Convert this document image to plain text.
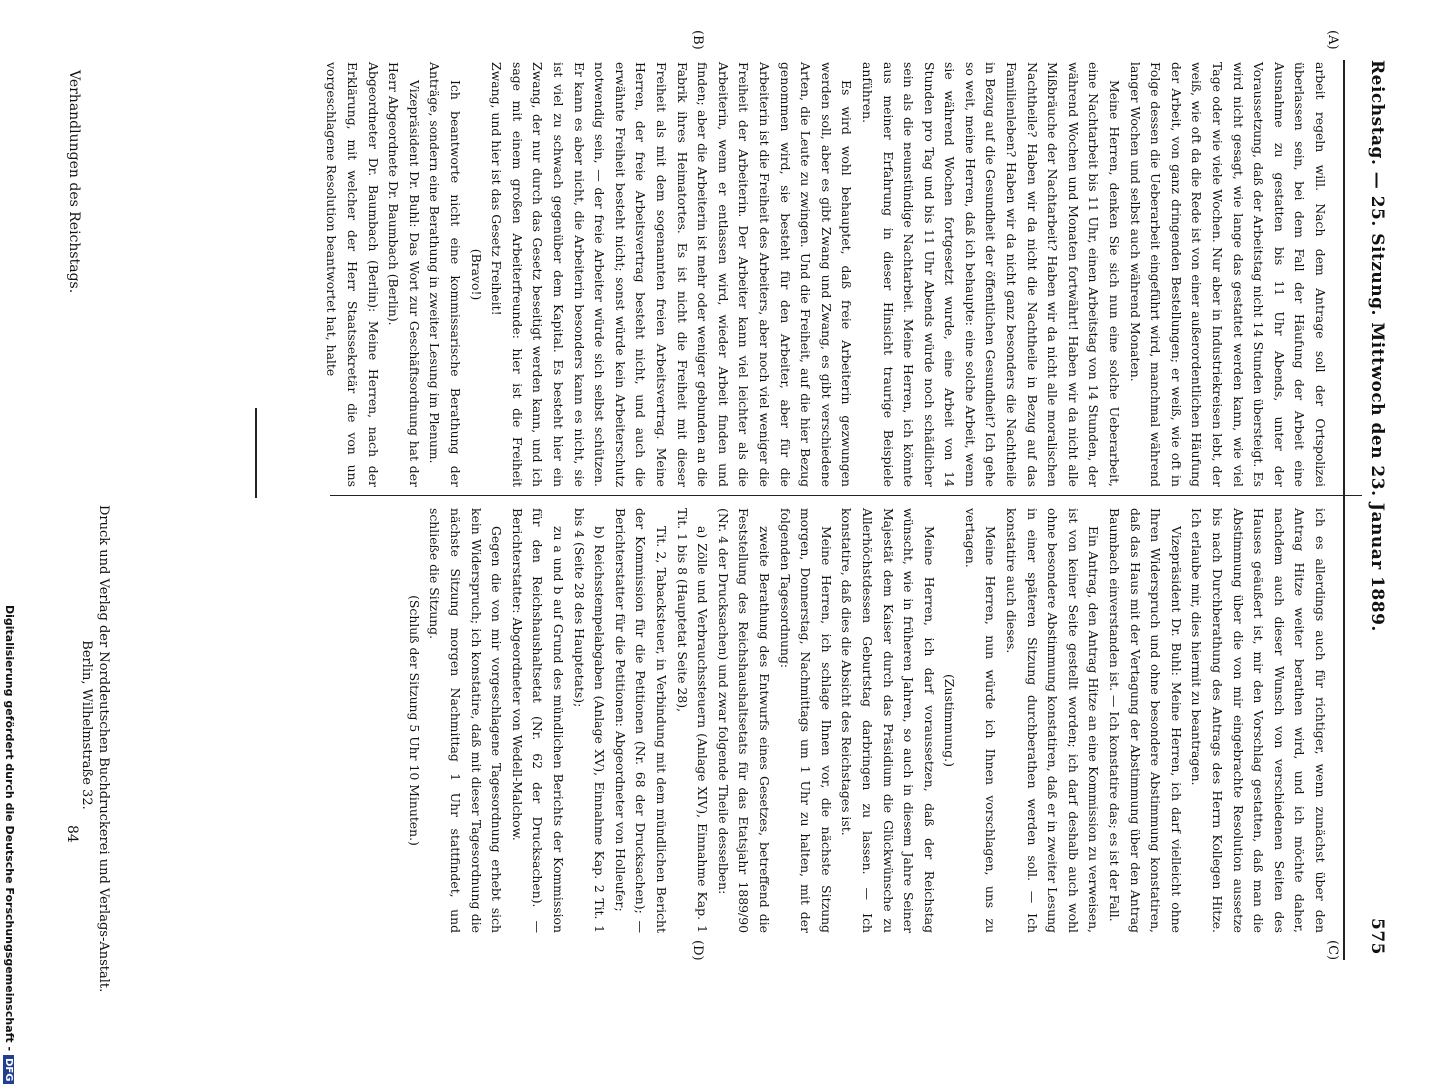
Reichstag. — 25. Sitzung. Mittwoch den 23. Januar 1889.
575
(A)
(B)
(C)
(D)

arbeit regeln will. Nach dem Antrage soll der Ortspolizei überlassen sein, bei dem Fall der Häufung der Arbeit eine Ausnahme zu gestatten bis 11 Uhr Abends, unter der Voraussetzung, daß der Arbeitstag nicht 14 Stunden übersteigt. Es wird nicht gesagt, wie lange das gestattet werden kann, wie viel Tage oder wie viele Wochen. Nur aber in Industriekreisen lebt, der weiß, wie oft da die Rede ist von einer außerordentlichen Häufung der Arbeit, von ganz dringenden Bestellungen; er weiß, wie oft in Folge dessen die Ueberarbeit eingeführt wird, manchmal während langer Wochen und selbst auch während Monaten.

Meine Herren, denken Sie sich nun eine solche Ueberarbeit, eine Nachtarbeit bis 11 Uhr, einen Arbeitstag von 14 Stunden, der während Wochen und Monaten fortwährt! Haben wir da nicht alle Mißbräuche der Nachtarbeit? Haben wir da nicht alle moralischen Nachtheile? Haben wir da nicht die Nachtheile in Bezug auf das Familienleben? Haben wir da nicht ganz besonders die Nachtheile in Bezug auf die Gesundheit der öffentlichen Gesundheit? Ich gehe so weit, meine Herren, daß ich behaupte: eine solche Arbeit, wenn sie während Wochen fortgesetzt wurde, eine Arbeit von 14 Stunden pro Tag und bis 11 Uhr Abends würde noch schädlicher sein als die neunstündige Nachtarbeit. Meine Herren, ich könnte aus meiner Erfahrung in dieser Hinsicht traurige Beispiele anführen.

Es wird wohl behauptet, daß freie Arbeiterin gezwungen werden soll, aber es gibt Zwang und Zwang, es gibt verschiedene Arten, die Leute zu zwingen. Und die Freiheit, auf die hier Bezug genommen wird, sie besteht für den Arbeiter, aber für die Arbeiterin ist die Freiheit des Arbeiters, aber noch viel weniger die Freiheit der Arbeiterin. Der Arbeiter kann viel leichter als die Arbeiterin, wenn er entlassen wird, wieder Arbeit finden und finden; aber die Arbeiterin ist mehr oder weniger gebunden an die Fabrik ihres Heimatortes. Es ist nicht die Freiheit mit dieser Freiheit als mit dem sogenannten freien Arbeitsvertrag. Meine Herren, der freie Arbeitsvertrag besteht nicht, und auch die erwähnte Freiheit besteht nicht; sonst würde kein Arbeiterschutz notwendig sein, — der freie Arbeiter würde sich selbst schützen. Er kann es aber nicht, die Arbeiterin besonders kann es nicht, sie ist viel zu schwach gegenüber dem Kapital. Es besteht hier ein Zwang, der nur durch das Gesetz beseitigt werden kann, und ich sage mit einem großen Arbeiterfreunde: hier ist die Freiheit Zwang, und hier ist das Gesetz Freiheit!

(Bravo!)

Ich beantworte nicht eine kommissarische Berathung der Anträge, sondern eine Berathung in zweiter Lesung im Plenum.

Vizepräsident Dr. Buhl: Das Wort zur Geschäftsordnung hat der Herr Abgeordnete Dr. Baumbach (Berlin).

Abgeordneter Dr. Baumbach (Berlin): Meine Herren, nach der Erklärung, mit welcher der Herr Staatssekretär die von uns vorgeschlagene Resolution beantwortet hat, halte

ich es allerdings auch für richtiger, wenn zunächst über den Antrag Hitze weiter berathen wird, und ich möchte daher, nachdem auch dieser Wunsch von verschiedenen Seiten des Hauses geäußert ist, mir den Vorschlag gestatten, daß man die Abstimmung über die von mir eingebrachte Resolution aussetze bis nach Durchberathung des Antrags des Herrn Kollegen Hitze. Ich erlaube mir, dies hiermit zu beantragen.

Vizepräsident Dr. Buhl: Meine Herren, ich darf vielleicht ohne Ihren Widerspruch und ohne besondere Abstimmung konstatiren, daß das Haus mit der Vertagung der Abstimmung über den Antrag Baumbach einverstanden ist. — Ich konstatire das; es ist der Fall.

Ein Antrag, den Antrag Hitze an eine Kommission zu verweisen, ist von keiner Seite gestellt worden; ich darf deshalb auch wohl ohne besondere Abstimmung konstatiren, daß er in zweiter Lesung in einer späteren Sitzung durchberathen werden soll. — Ich konstatire auch dieses.

Meine Herren, nun würde ich Ihnen vorschlagen, uns zu vertagen.

(Zustimmung.)

Meine Herren, ich darf voraussetzen, daß der Reichstag wünscht, wie in früheren Jahren, so auch in diesem Jahre Seiner Majestät dem Kaiser durch das Präsidium die Glückwünsche zu Allerhöchstdessen Geburtstag darbringen zu lassen. — Ich konstatire, daß dies die Absicht des Reichstages ist.

Meine Herren, ich schlage Ihnen vor, die nächste Sitzung morgen, Donnerstag, Nachmittags um 1 Uhr zu halten, mit der folgenden Tagesordnung:

zweite Berathung des Entwurfs eines Gesetzes, betreffend die Feststellung des Reichshaushaltsetats für das Etatsjahr 1889/90 (Nr. 4 der Drucksachen) und zwar folgende Theile desselben:

a) Zölle und Verbrauchssteuern (Anlage XIV), Einnahme Kap. 1 Tit. 1 bis 8 (Hauptetat Seite 28),

Tit. 2, Tabacksteuer, in Verbindung mit dem mündlichen Bericht der Kommission für die Petitionen (Nr. 68 der Drucksachen); — Berichterstatter für die Petitionen: Abgeordneter von Holleufer;

b) Reichsstempelabgaben (Anlage XV), Einnahme Kap. 2 Tit. 1 bis 4 (Seite 28 des Hauptetats);

zu a und b auf Grund des mündlichen Berichts der Kommission für den Reichshaushaltsetat (Nr. 62 der Drucksachen). — Berichterstatter: Abgeordneter von Wedell-Malchow.

Gegen die von mir vorgeschlagene Tagesordnung erhebt sich kein Widerspruch; ich konstatire, daß mit dieser Tagesordnung die nächste Sitzung morgen Nachmittag 1 Uhr stattfindet, und schließe die Sitzung.

(Schluß der Sitzung 5 Uhr 10 Minuten.)

Verhandlungen des Reichstags.
Druck und Verlag der Norddeutschen Buchdruckerei und Verlags-Anstalt.
Berlin, Wilhelmstraße 32.
84
Digitalisierung gefördert durch die Deutsche Forschungsgemeinschaft -DFG
